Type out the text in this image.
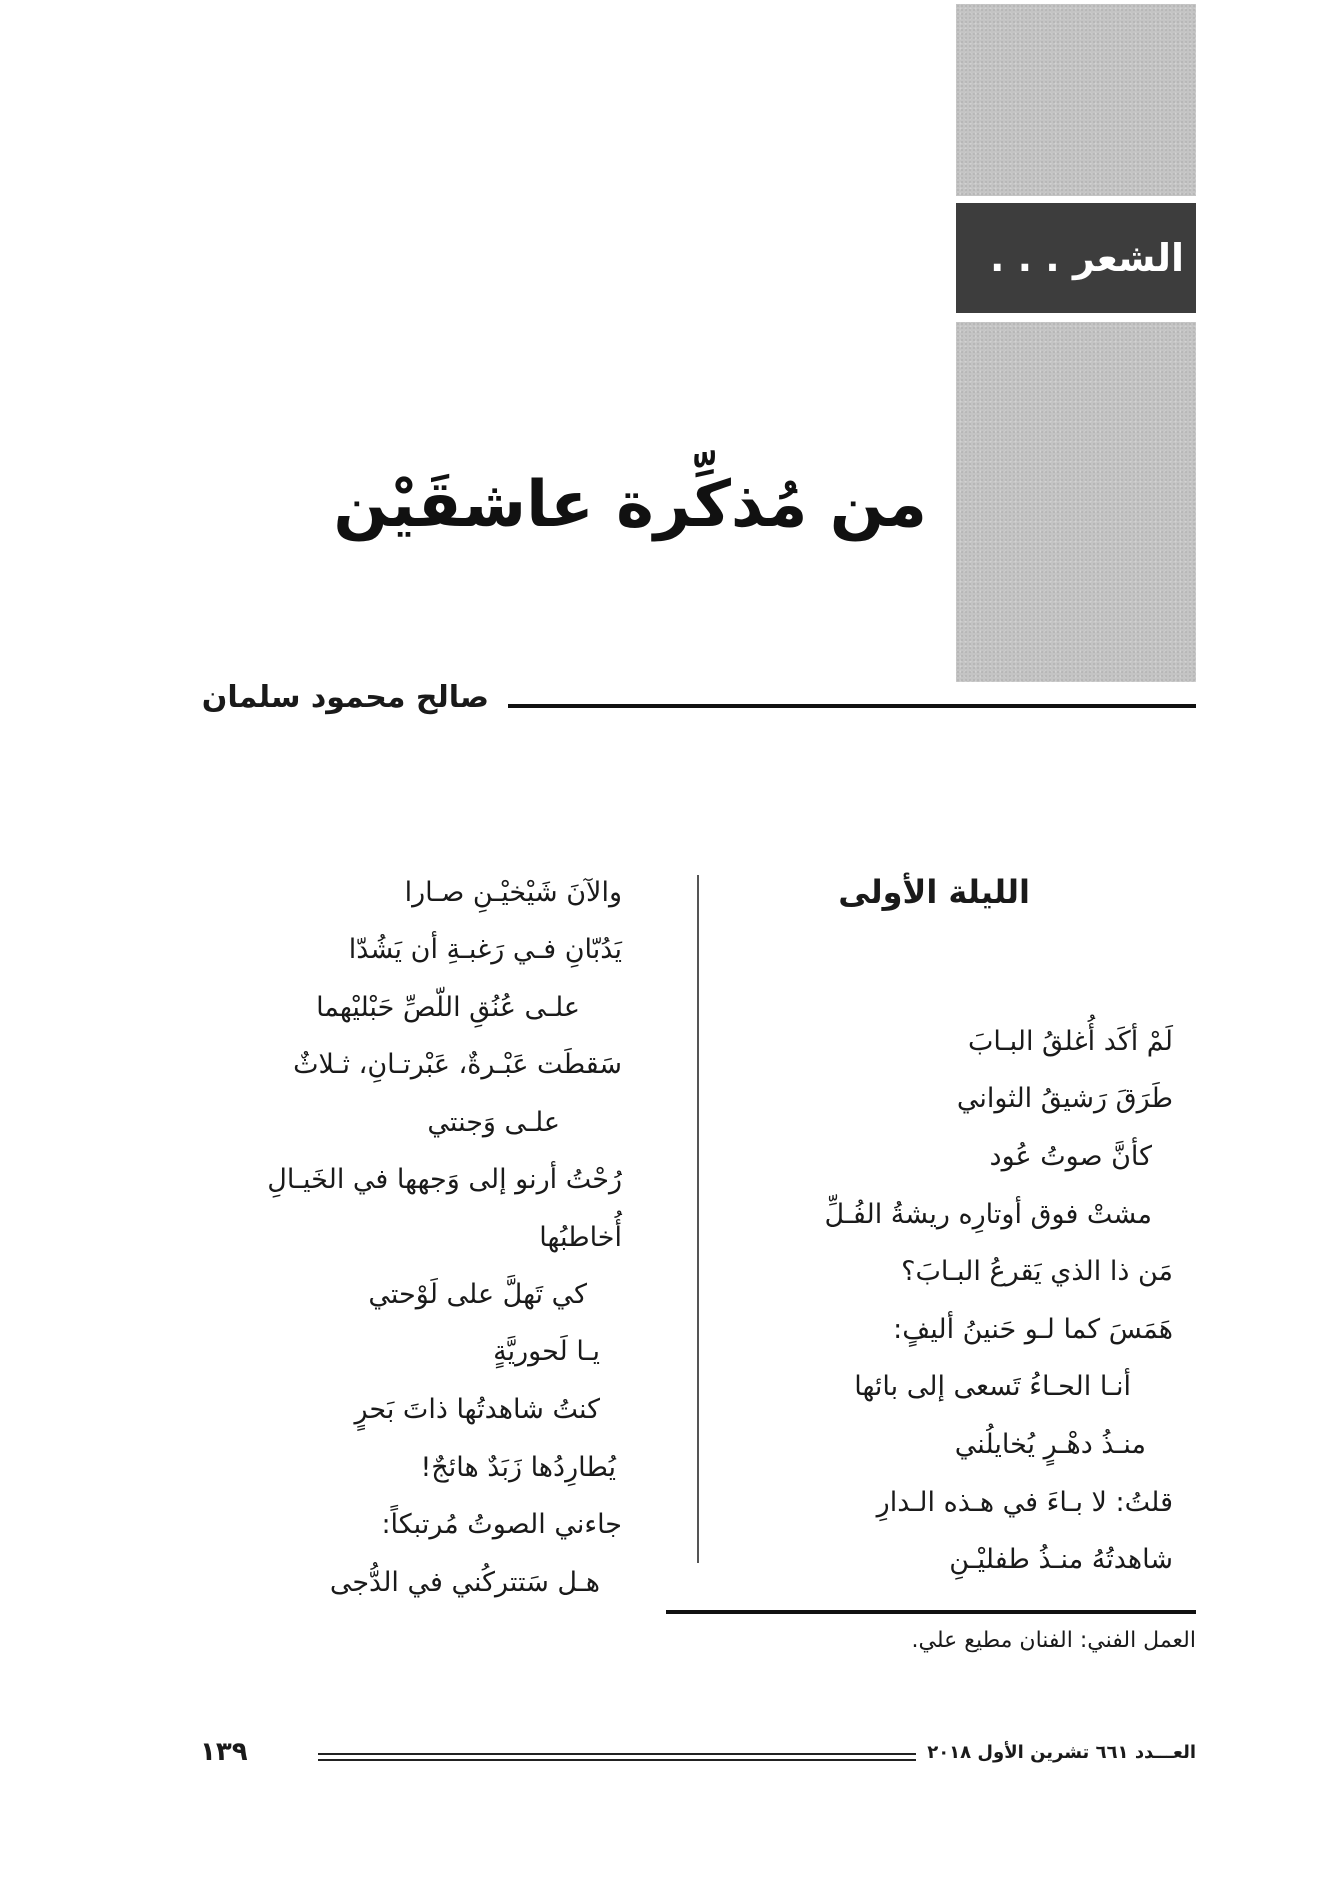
الشعر . . .
من مُذكِّرة عاشقَيْن
صالح محمود سلمان
الليلة الأولى
لَمْ أكَد أُغلقُ البـابَ
طَرَقَ رَشيقُ الثواني
كأنَّ صوتُ عُود
مشتْ فوق أوتارِه ريشةُ الفُـلِّ
مَن ذا الذي يَقرعُ البـابَ؟
هَمَسَ كما لـو حَنينُ أليفٍ:
أنـا الحـاءُ تَسعى إلى بائها
منـذُ دهْـرٍ يُخايلُني
قلتُ: لا بـاءَ في هـذه الـدارِ
شاهدتُهُ منـذُ طفليْـنِ
والآنَ شَيْخيْـنِ صـارا
يَدُبّانِ فـي رَغبـةِ أن يَشُدّا
علـى عُنُقِ اللّصِّ حَبْليْهما
سَقطَت عَبْـرةٌ، عَبْرتـانِ، ثـلاثٌ
علـى وَجنتي
رُحْتُ أرنو إلى وَجهها في الخَيـالِ
أُخاطبُها
كي تَهلَّ على لَوْحتي
يـا لَحوريَّةٍ
كنتُ شاهدتُها ذاتَ بَحرٍ
يُطارِدُها زَبَدٌ هائجٌ!
جاءني الصوتُ مُرتبكاً:
هـل سَتتركُني في الدُّجى
العمل الفني: الفنان مطيع علي.
العـــدد ٦٦١ تشرين الأول ٢٠١٨
١٣٩
